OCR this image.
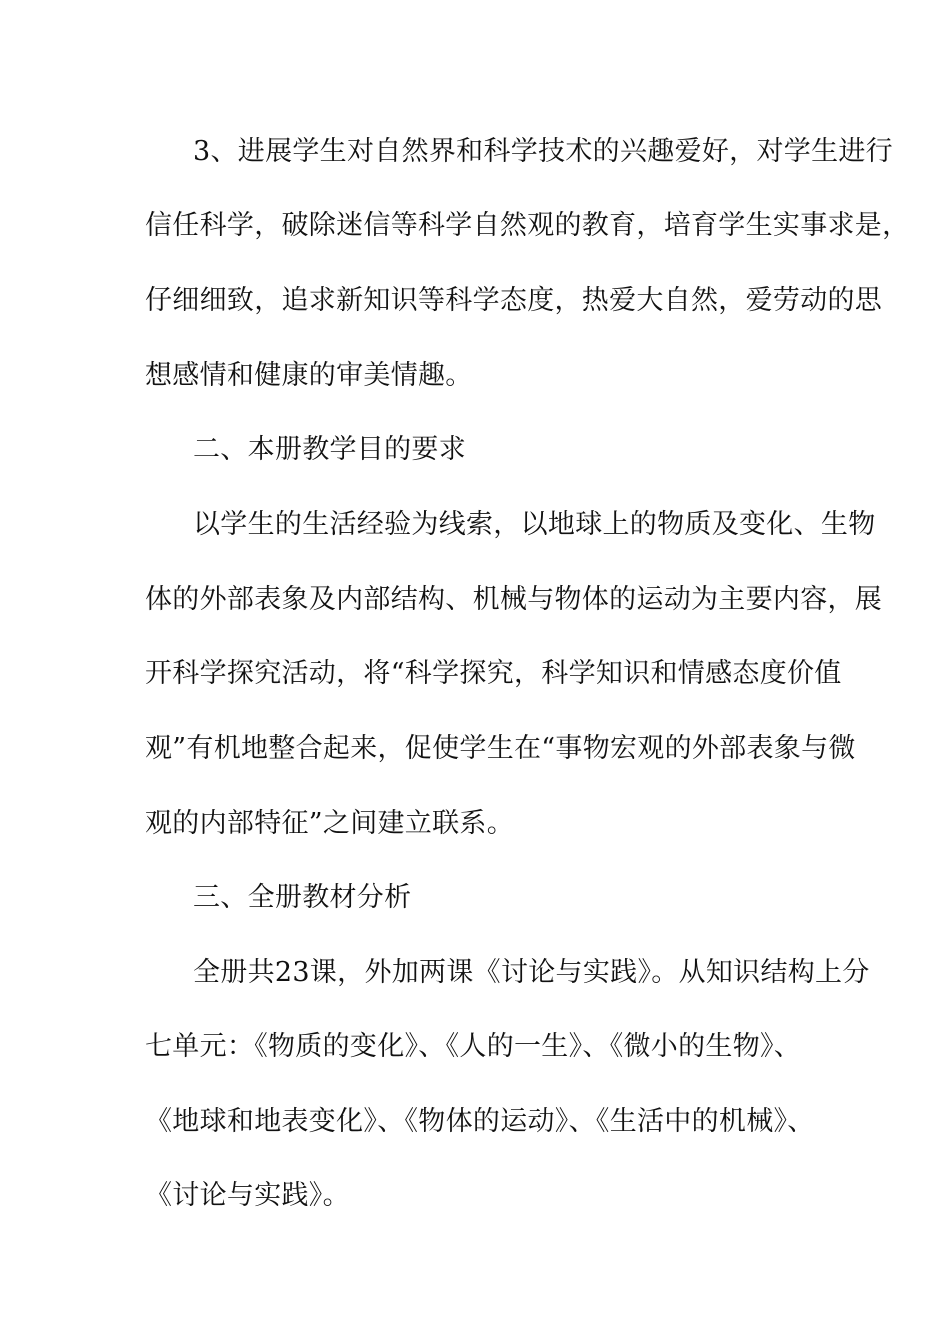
3、进展学生对自然界和科学技术的兴趣爱好，对学生进行
信任科学，破除迷信等科学自然观的教育，培育学生实事求是，
仔细细致，追求新知识等科学态度，热爱大自然，爱劳动的思
想感情和健康的审美情趣。
二、本册教学目的要求
以学生的生活经验为线索，以地球上的物质及变化、生物
体的外部表象及内部结构、机械与物体的运动为主要内容，展
开科学探究活动，将“科学探究，科学知识和情感态度价值
观”有机地整合起来，促使学生在“事物宏观的外部表象与微
观的内部特征”之间建立联系。
三、全册教材分析
全册共23课，外加两课《讨论与实践》。从知识结构上分
七单元：《物质的变化》、《人的一生》、《微小的生物》、
《地球和地表变化》、《物体的运动》、《生活中的机械》、
《讨论与实践》。
